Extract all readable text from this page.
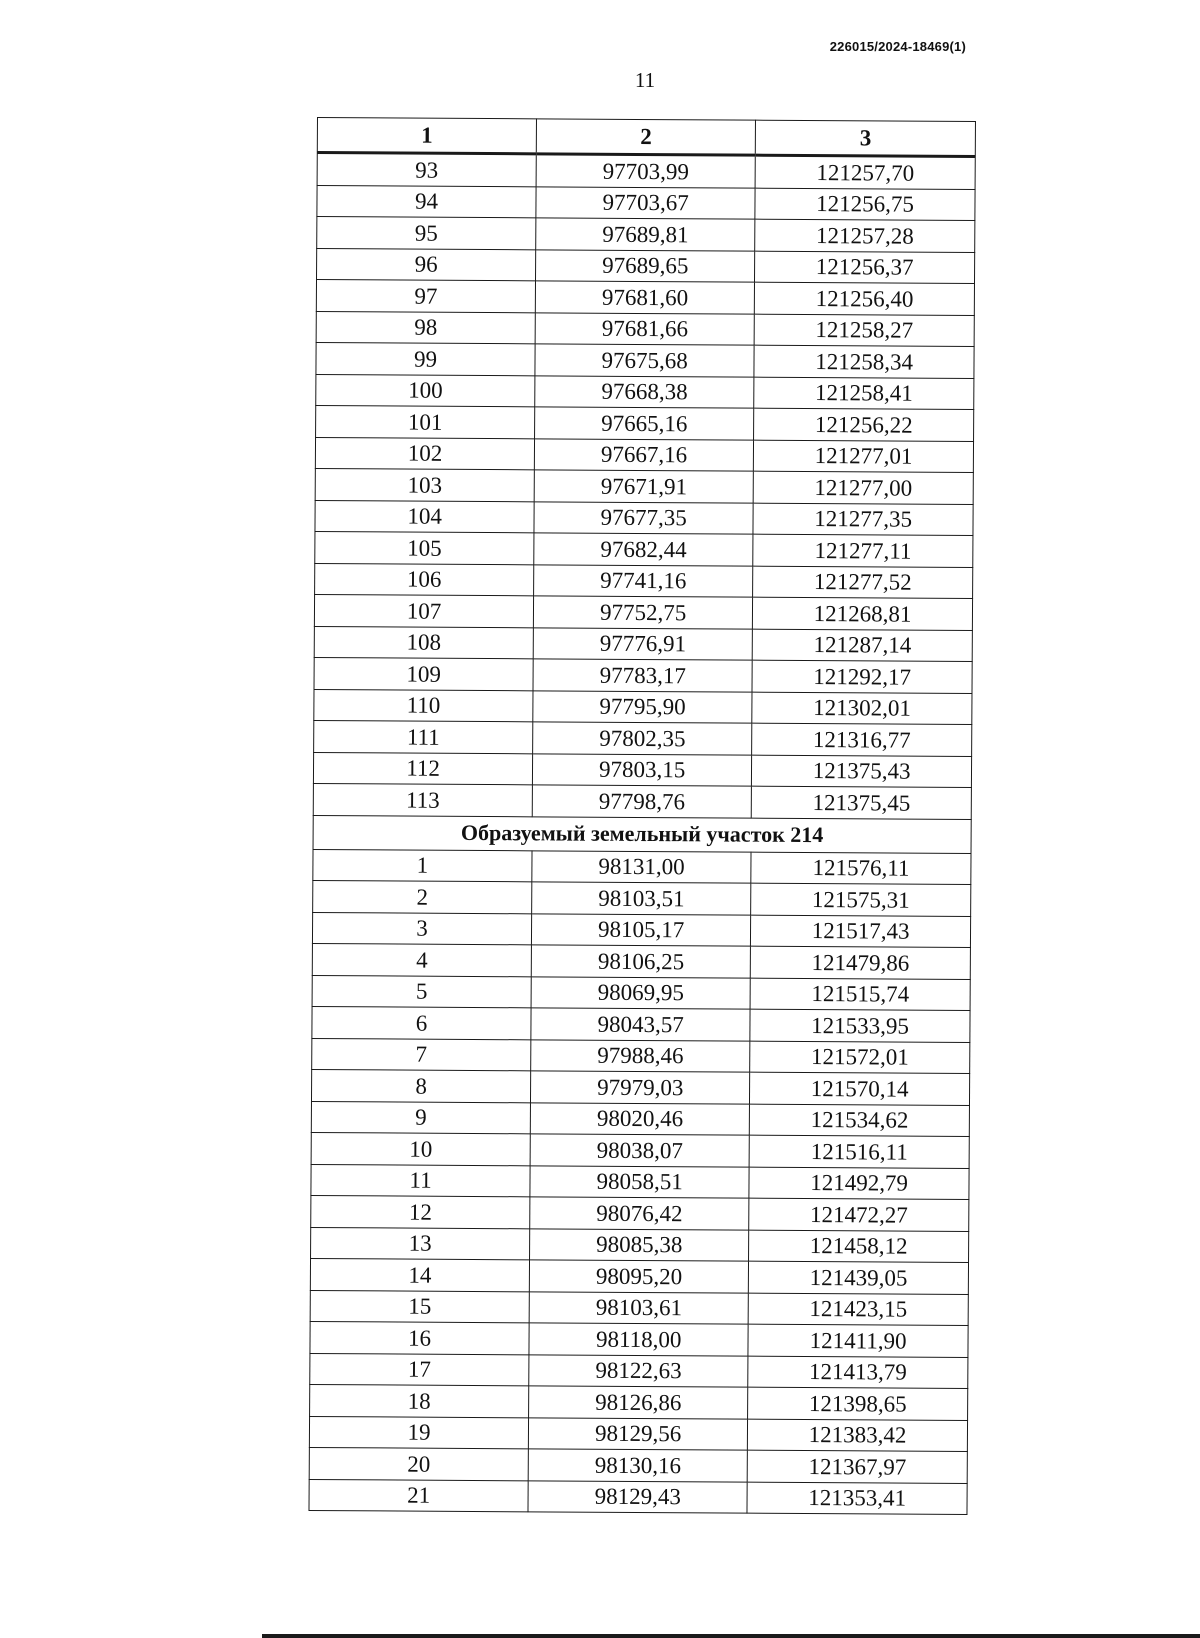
226015/2024-18469(1)
11
1	2	3
93	97703,99	121257,70
94	97703,67	121256,75
95	97689,81	121257,28
96	97689,65	121256,37
97	97681,60	121256,40
98	97681,66	121258,27
99	97675,68	121258,34
100	97668,38	121258,41
101	97665,16	121256,22
102	97667,16	121277,01
103	97671,91	121277,00
104	97677,35	121277,35
105	97682,44	121277,11
106	97741,16	121277,52
107	97752,75	121268,81
108	97776,91	121287,14
109	97783,17	121292,17
110	97795,90	121302,01
111	97802,35	121316,77
112	97803,15	121375,43
113	97798,76	121375,45
Образуемый земельный участок 214		
1	98131,00	121576,11
2	98103,51	121575,31
3	98105,17	121517,43
4	98106,25	121479,86
5	98069,95	121515,74
6	98043,57	121533,95
7	97988,46	121572,01
8	97979,03	121570,14
9	98020,46	121534,62
10	98038,07	121516,11
11	98058,51	121492,79
12	98076,42	121472,27
13	98085,38	121458,12
14	98095,20	121439,05
15	98103,61	121423,15
16	98118,00	121411,90
17	98122,63	121413,79
18	98126,86	121398,65
19	98129,56	121383,42
20	98130,16	121367,97
21	98129,43	121353,41
